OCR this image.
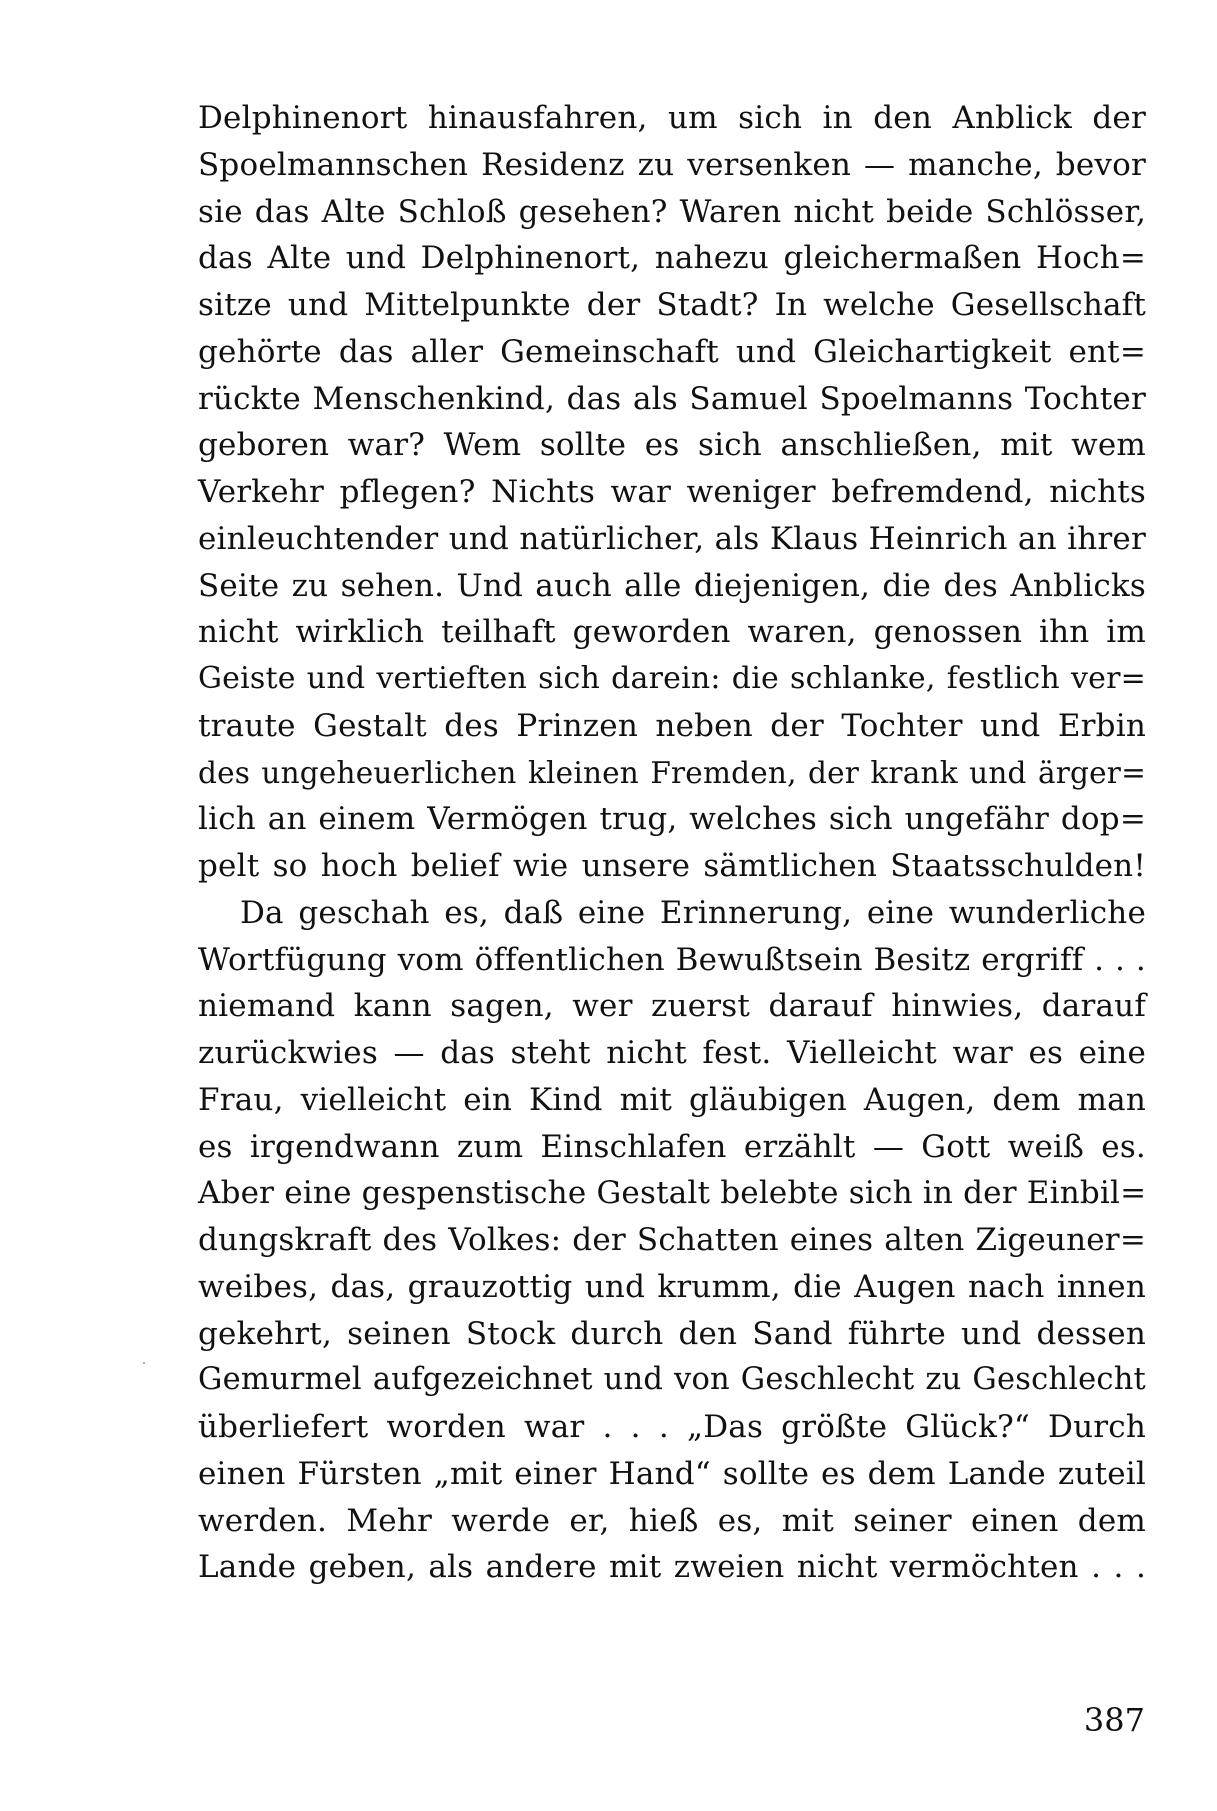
Delphinenort hinausfahren, um sich in den Anblick der
Spoelmannschen Residenz zu versenken — manche, bevor
sie das Alte Schloß gesehen? Waren nicht beide Schlösser,
das Alte und Delphinenort, nahezu gleichermaßen Hoch=
sitze und Mittelpunkte der Stadt? In welche Gesellschaft
gehörte das aller Gemeinschaft und Gleichartigkeit ent=
rückte Menschenkind, das als Samuel Spoelmanns Tochter
geboren war? Wem sollte es sich anschließen, mit wem
Verkehr pflegen? Nichts war weniger befremdend, nichts
einleuchtender und natürlicher, als Klaus Heinrich an ihrer
Seite zu sehen. Und auch alle diejenigen, die des Anblicks
nicht wirklich teilhaft geworden waren, genossen ihn im
Geiste und vertieften sich darein: die schlanke, festlich ver=
traute Gestalt des Prinzen neben der Tochter und Erbin
des ungeheuerlichen kleinen Fremden, der krank und ärger=
lich an einem Vermögen trug, welches sich ungefähr dop=
pelt so hoch belief wie unsere sämtlichen Staatsschulden!
Da geschah es, daß eine Erinnerung, eine wunderliche
Wortfügung vom öffentlichen Bewußtsein Besitz ergriff . . .
niemand kann sagen, wer zuerst darauf hinwies, darauf
zurückwies — das steht nicht fest. Vielleicht war es eine
Frau, vielleicht ein Kind mit gläubigen Augen, dem man
es irgendwann zum Einschlafen erzählt — Gott weiß es.
Aber eine gespenstische Gestalt belebte sich in der Einbil=
dungskraft des Volkes: der Schatten eines alten Zigeuner=
weibes, das, grauzottig und krumm, die Augen nach innen
gekehrt, seinen Stock durch den Sand führte und dessen
Gemurmel aufgezeichnet und von Geschlecht zu Geschlecht
überliefert worden war . . . „Das größte Glück?“ Durch
einen Fürsten „mit einer Hand“ sollte es dem Lande zuteil
werden. Mehr werde er, hieß es, mit seiner einen dem
Lande geben, als andere mit zweien nicht vermöchten . . .
387
